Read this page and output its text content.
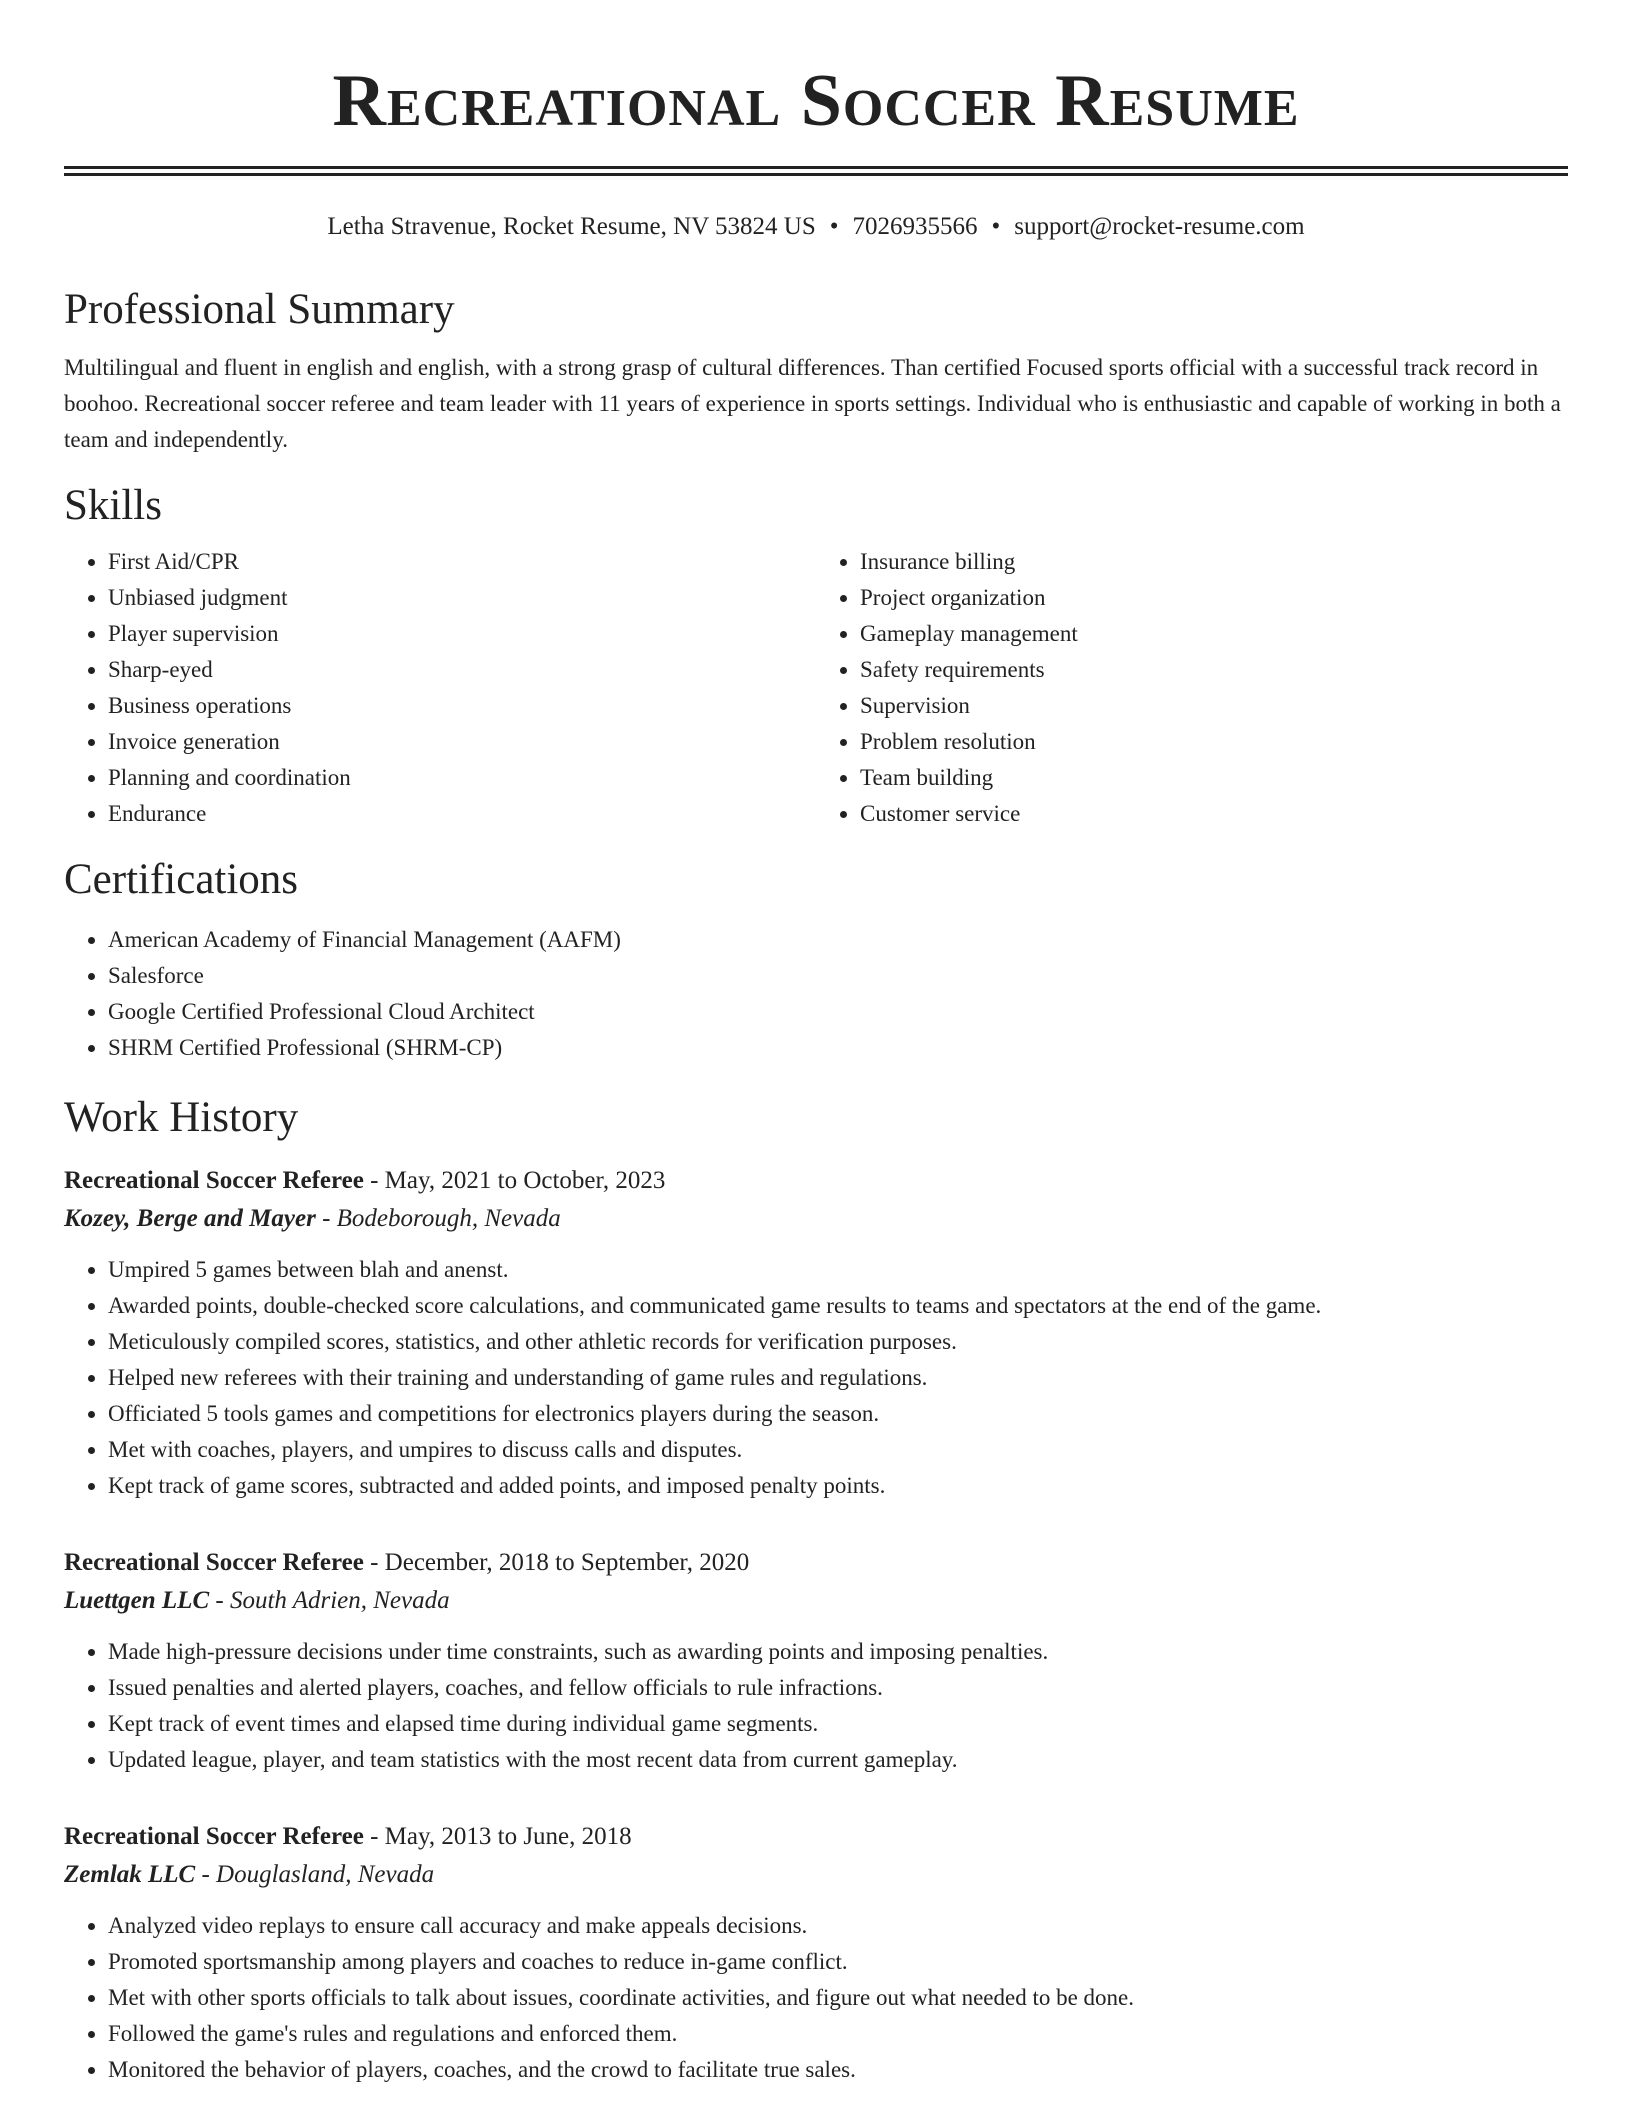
Recreational Soccer Resume
Letha Stravenue, Rocket Resume, NV 53824 US • 7026935566 • support@rocket-resume.com
Professional Summary

Multilingual and fluent in english and english, with a strong grasp of cultural differences. Than certified Focused sports official with a successful track record in boohoo. Recreational soccer referee and team leader with 11 years of experience in sports settings. Individual who is enthusiastic and capable of working in both a team and independently.

Skills
• First Aid/CPR
• Unbiased judgment
• Player supervision
• Sharp-eyed
• Business operations
• Invoice generation
• Planning and coordination
• Endurance
• Insurance billing
• Project organization
• Gameplay management
• Safety requirements
• Supervision
• Problem resolution
• Team building
• Customer service
Certifications
• American Academy of Financial Management (AAFM)
• Salesforce
• Google Certified Professional Cloud Architect
• SHRM Certified Professional (SHRM-CP)
Work History
Recreational Soccer Referee - May, 2021 to October, 2023
Kozey, Berge and Mayer - Bodeborough, Nevada
• Umpired 5 games between blah and anenst.
• Awarded points, double-checked score calculations, and communicated game results to teams and spectators at the end of the game.
• Meticulously compiled scores, statistics, and other athletic records for verification purposes.
• Helped new referees with their training and understanding of game rules and regulations.
• Officiated 5 tools games and competitions for electronics players during the season.
• Met with coaches, players, and umpires to discuss calls and disputes.
• Kept track of game scores, subtracted and added points, and imposed penalty points.
Recreational Soccer Referee - December, 2018 to September, 2020
Luettgen LLC - South Adrien, Nevada
• Made high-pressure decisions under time constraints, such as awarding points and imposing penalties.
• Issued penalties and alerted players, coaches, and fellow officials to rule infractions.
• Kept track of event times and elapsed time during individual game segments.
• Updated league, player, and team statistics with the most recent data from current gameplay.
Recreational Soccer Referee - May, 2013 to June, 2018
Zemlak LLC - Douglasland, Nevada
• Analyzed video replays to ensure call accuracy and make appeals decisions.
• Promoted sportsmanship among players and coaches to reduce in-game conflict.
• Met with other sports officials to talk about issues, coordinate activities, and figure out what needed to be done.
• Followed the game's rules and regulations and enforced them.
• Monitored the behavior of players, coaches, and the crowd to facilitate true sales.
